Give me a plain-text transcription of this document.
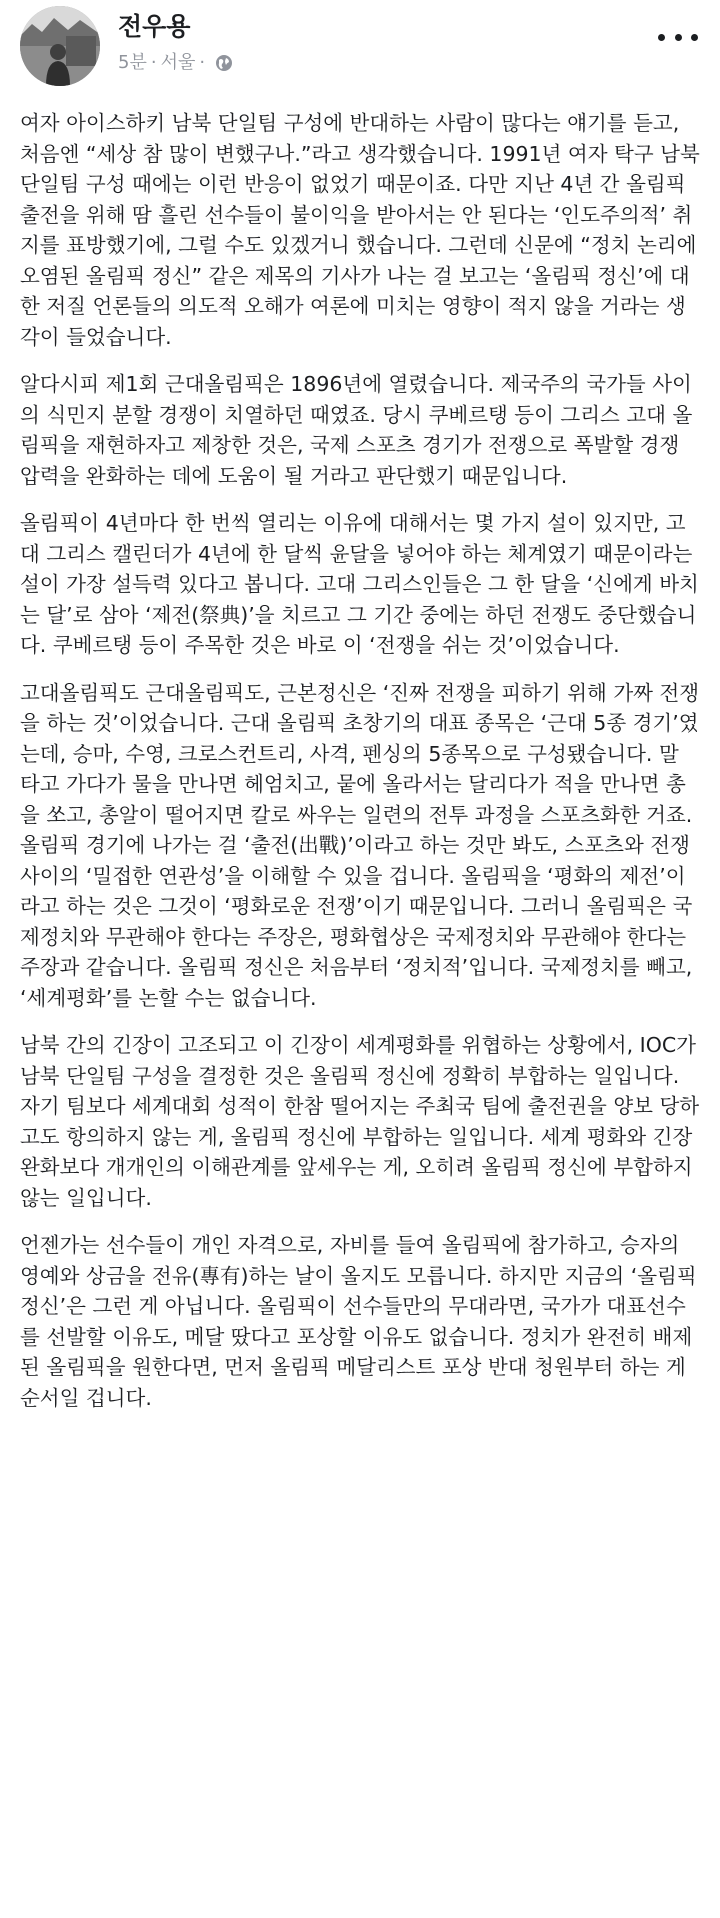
전우용
5분 · 서울 ·

여자 아이스하키 남북 단일팀 구성에 반대하는 사람이 많다는 얘기를 듣고, 처음엔 “세상 참 많이 변했구나.”라고 생각했습니다. 1991년 여자 탁구 남북 단일팀 구성 때에는 이런 반응이 없었기 때문이죠. 다만 지난 4년 간 올림픽 출전을 위해 땀 흘린 선수들이 불이익을 받아서는 안 된다는 ‘인도주의적’ 취지를 표방했기에, 그럴 수도 있겠거니 했습니다. 그런데 신문에 “정치 논리에 오염된 올림픽 정신” 같은 제목의 기사가 나는 걸 보고는 ‘올림픽 정신’에 대한 저질 언론들의 의도적 오해가 여론에 미치는 영향이 적지 않을 거라는 생각이 들었습니다.

알다시피 제1회 근대올림픽은 1896년에 열렸습니다. 제국주의 국가들 사이의 식민지 분할 경쟁이 치열하던 때였죠. 당시 쿠베르탱 등이 그리스 고대 올림픽을 재현하자고 제창한 것은, 국제 스포츠 경기가 전쟁으로 폭발할 경쟁 압력을 완화하는 데에 도움이 될 거라고 판단했기 때문입니다.

올림픽이 4년마다 한 번씩 열리는 이유에 대해서는 몇 가지 설이 있지만, 고대 그리스 캘린더가 4년에 한 달씩 윤달을 넣어야 하는 체계였기 때문이라는 설이 가장 설득력 있다고 봅니다. 고대 그리스인들은 그 한 달을 ‘신에게 바치는 달’로 삼아 ‘제전(祭典)’을 치르고 그 기간 중에는 하던 전쟁도 중단했습니다. 쿠베르탱 등이 주목한 것은 바로 이 ‘전쟁을 쉬는 것’이었습니다.

고대올림픽도 근대올림픽도, 근본정신은 ‘진짜 전쟁을 피하기 위해 가짜 전쟁을 하는 것’이었습니다. 근대 올림픽 초창기의 대표 종목은 ‘근대 5종 경기’였는데, 승마, 수영, 크로스컨트리, 사격, 펜싱의 5종목으로 구성됐습니다. 말 타고 가다가 물을 만나면 헤엄치고, 뭍에 올라서는 달리다가 적을 만나면 총을 쏘고, 총알이 떨어지면 칼로 싸우는 일련의 전투 과정을 스포츠화한 거죠. 올림픽 경기에 나가는 걸 ‘출전(出戰)’이라고 하는 것만 봐도, 스포츠와 전쟁 사이의 ‘밀접한 연관성’을 이해할 수 있을 겁니다. 올림픽을 ‘평화의 제전’이라고 하는 것은 그것이 ‘평화로운 전쟁’이기 때문입니다. 그러니 올림픽은 국제정치와 무관해야 한다는 주장은, 평화협상은 국제정치와 무관해야 한다는 주장과 같습니다. 올림픽 정신은 처음부터 ‘정치적’입니다. 국제정치를 빼고, ‘세계평화’를 논할 수는 없습니다.

남북 간의 긴장이 고조되고 이 긴장이 세계평화를 위협하는 상황에서, IOC가 남북 단일팀 구성을 결정한 것은 올림픽 정신에 정확히 부합하는 일입니다. 자기 팀보다 세계대회 성적이 한참 떨어지는 주최국 팀에 출전권을 양보 당하고도 항의하지 않는 게, 올림픽 정신에 부합하는 일입니다. 세계 평화와 긴장 완화보다 개개인의 이해관계를 앞세우는 게, 오히려 올림픽 정신에 부합하지 않는 일입니다.

언젠가는 선수들이 개인 자격으로, 자비를 들여 올림픽에 참가하고, 승자의 영예와 상금을 전유(專有)하는 날이 올지도 모릅니다. 하지만 지금의 ‘올림픽 정신’은 그런 게 아닙니다. 올림픽이 선수들만의 무대라면, 국가가 대표선수를 선발할 이유도, 메달 땄다고 포상할 이유도 없습니다. 정치가 완전히 배제된 올림픽을 원한다면, 먼저 올림픽 메달리스트 포상 반대 청원부터 하는 게 순서일 겁니다.
